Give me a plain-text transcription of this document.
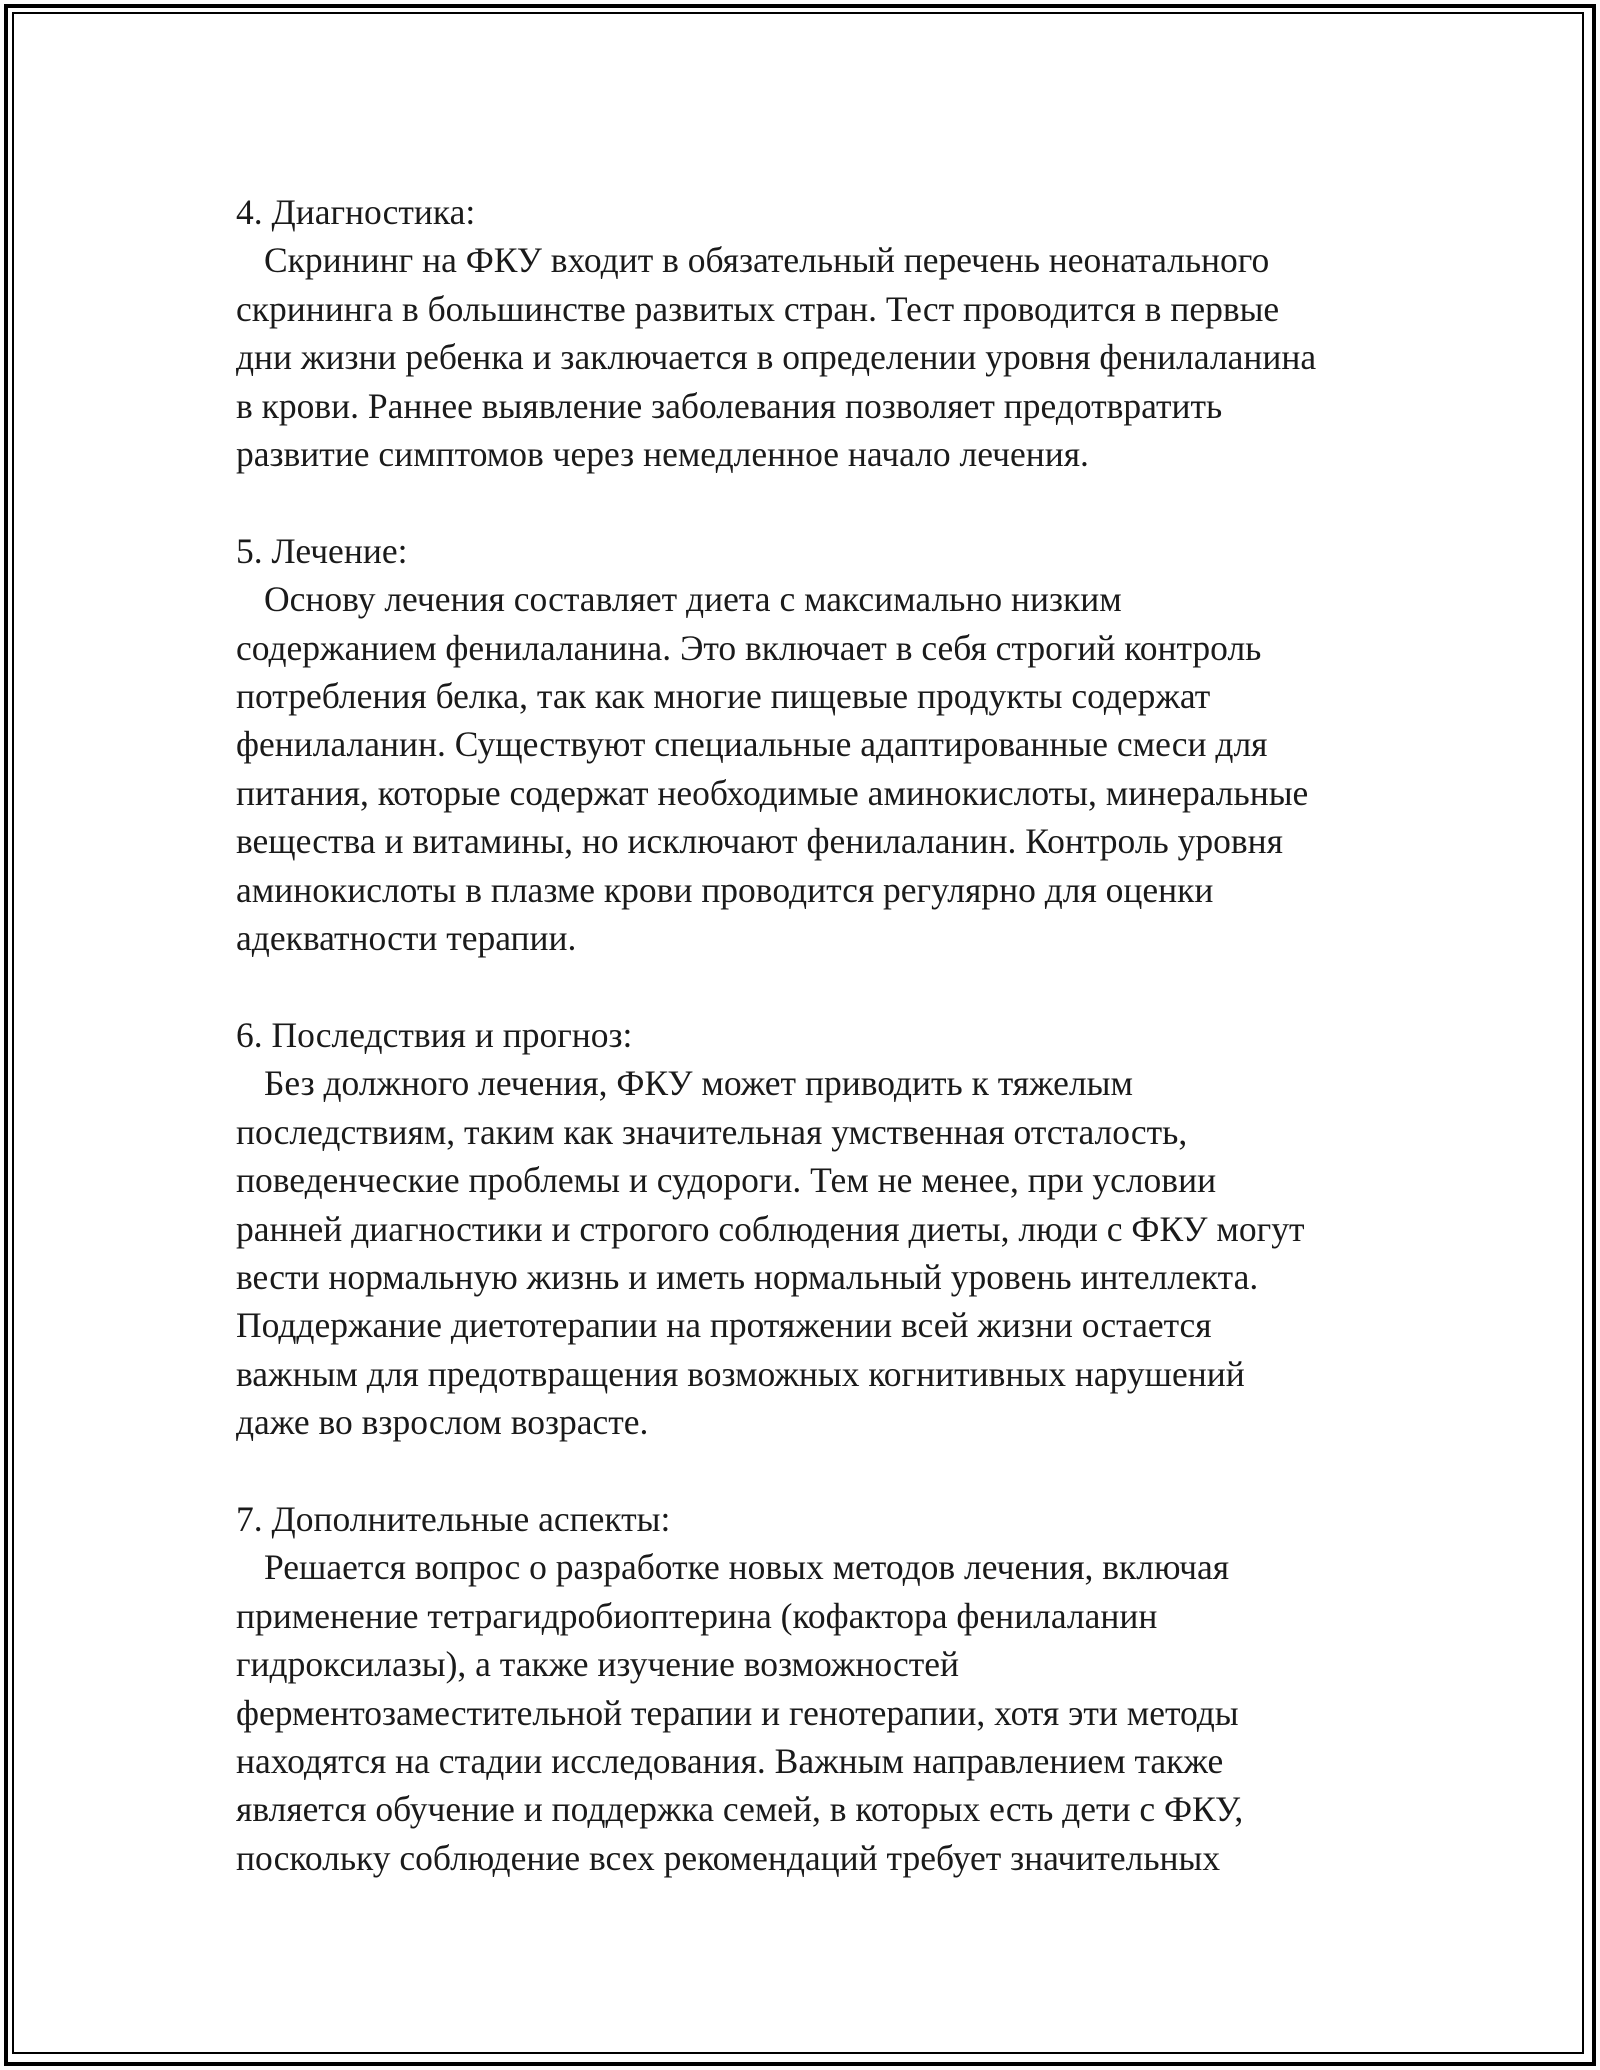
4. Диагностика:
Скрининг на ФКУ входит в обязательный перечень неонатального
скрининга в большинстве развитых стран. Тест проводится в первые
дни жизни ребенка и заключается в определении уровня фенилаланина
в крови. Раннее выявление заболевания позволяет предотвратить
развитие симптомов через немедленное начало лечения.
5. Лечение:
Основу лечения составляет диета с максимально низким
содержанием фенилаланина. Это включает в себя строгий контроль
потребления белка, так как многие пищевые продукты содержат
фенилаланин. Существуют специальные адаптированные смеси для
питания, которые содержат необходимые аминокислоты, минеральные
вещества и витамины, но исключают фенилаланин. Контроль уровня
аминокислоты в плазме крови проводится регулярно для оценки
адекватности терапии.
6. Последствия и прогноз:
Без должного лечения, ФКУ может приводить к тяжелым
последствиям, таким как значительная умственная отсталость,
поведенческие проблемы и судороги. Тем не менее, при условии
ранней диагностики и строгого соблюдения диеты, люди с ФКУ могут
вести нормальную жизнь и иметь нормальный уровень интеллекта.
Поддержание диетотерапии на протяжении всей жизни остается
важным для предотвращения возможных когнитивных нарушений
даже во взрослом возрасте.
7. Дополнительные аспекты:
Решается вопрос о разработке новых методов лечения, включая
применение тетрагидробиоптерина (кофактора фенилаланин
гидроксилазы), а также изучение возможностей
ферментозаместительной терапии и генотерапии, хотя эти методы
находятся на стадии исследования. Важным направлением также
является обучение и поддержка семей, в которых есть дети с ФКУ,
поскольку соблюдение всех рекомендаций требует значительных
